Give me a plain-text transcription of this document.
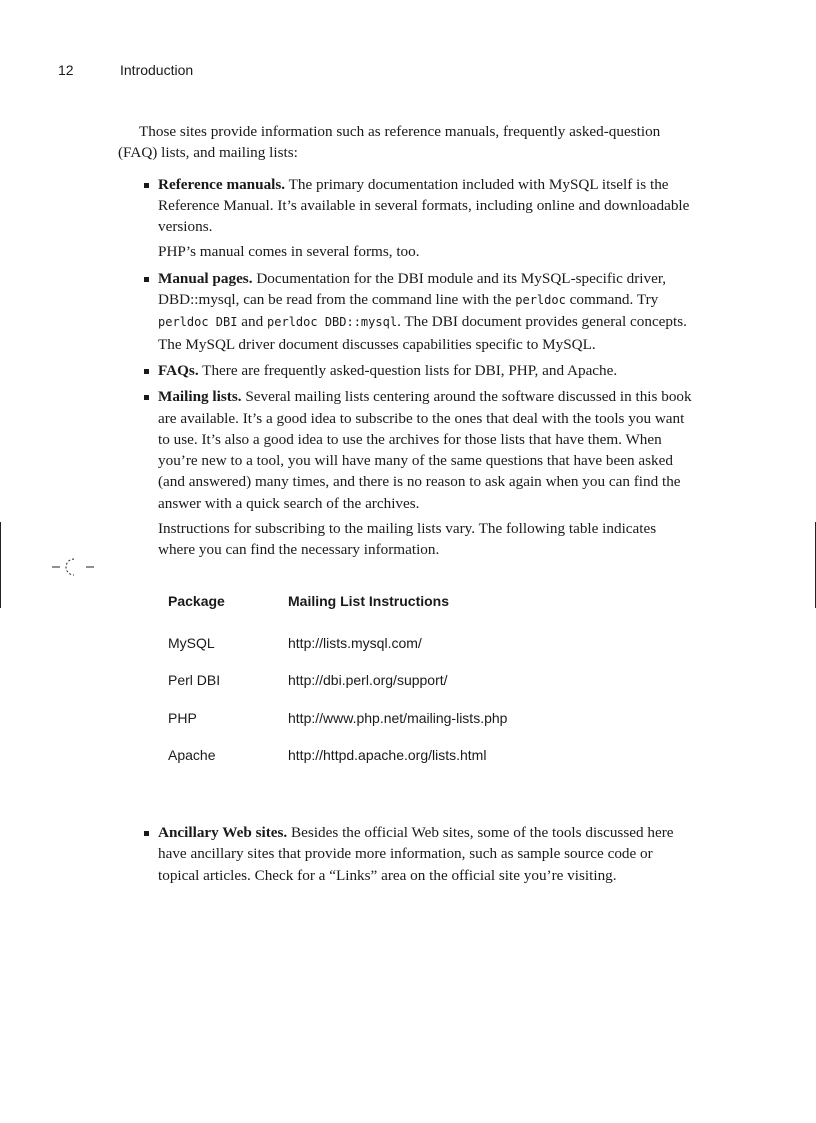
12	Introduction

Those sites provide information such as reference manuals, frequently asked-question (FAQ) lists, and mailing lists:

Reference manuals. The primary documentation included with MySQL itself is the Reference Manual. It’s available in several formats, including online and downloadable versions.

PHP’s manual comes in several forms, too.

Manual pages. Documentation for the DBI module and its MySQL-specific driver, DBD::mysql, can be read from the command line with the perldoc command. Try perldoc DBI and perldoc DBD::mysql. The DBI document provides general concepts. The MySQL driver document discusses capabilities specific to MySQL.

FAQs. There are frequently asked-question lists for DBI, PHP, and Apache.

Mailing lists. Several mailing lists centering around the software discussed in this book are available. It’s a good idea to subscribe to the ones that deal with the tools you want to use. It’s also a good idea to use the archives for those lists that have them. When you’re new to a tool, you will have many of the same questions that have been asked (and answered) many times, and there is no reason to ask again when you can find the answer with a quick search of the archives.

Instructions for subscribing to the mailing lists vary. The following table indicates where you can find the necessary information.

Package	Mailing List Instructions
MySQL	http://lists.mysql.com/
Perl DBI	http://dbi.perl.org/support/
PHP	http://www.php.net/mailing-lists.php
Apache	http://httpd.apache.org/lists.html

Ancillary Web sites. Besides the official Web sites, some of the tools discussed here have ancillary sites that provide more information, such as sample source code or topical articles. Check for a “Links” area on the official site you’re visiting.
